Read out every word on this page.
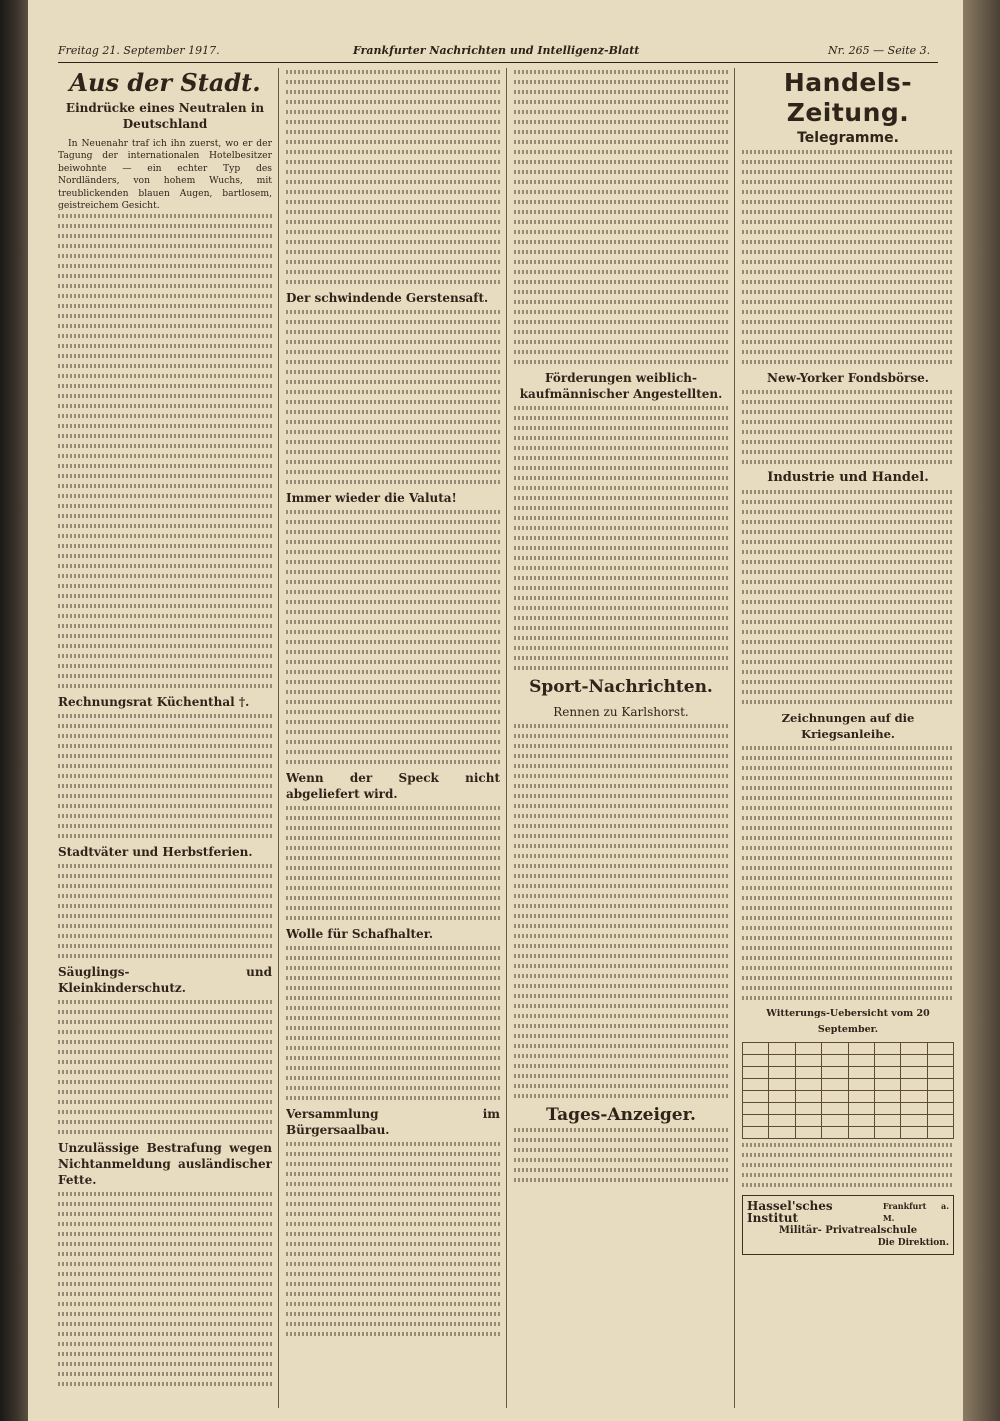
Freitag 21. September 1917.	Frankfurter Nachrichten und Intelligenz-Blatt	Nr. 265 — Seite 3.
Aus der Stadt.
Eindrücke eines Neutralen in Deutschland

In Neuenahr traf ich ihn zuerst, wo er der Tagung der internationalen Hotelbesitzer beiwohnte — ein echter Typ des Nordländers, von hohem Wuchs, mit treublickenden blauen Augen, bartlosem, geistreichem Gesicht.

Rechnungsrat Küchenthal †.

Stadtväter und Herbstferien.

Säuglings- und Kleinkinderschutz.

Unzulässige Bestrafung wegen Nichtanmeldung ausländischer Fette.

Der schwindende Gerstensaft.

Immer wieder die Valuta!

Wenn der Speck nicht abgeliefert wird.

Wolle für Schafhalter.

Versammlung im Bürgersaalbau.

Förderungen weiblich-kaufmännischer Angestellten.

Sport-Nachrichten.

Rennen zu Karlshorst.

Tages-Anzeiger.
Handels-Zeitung.
Telegramme.

New-Yorker Fondsbörse.

Industrie und Handel.

Zeichnungen auf die Kriegsanleihe.

Witterungs-Uebersicht vom 20 September.

Hassel'sches Institut
Frankfurt a. M.
Militär- Privatrealschule
Die Direktion.
